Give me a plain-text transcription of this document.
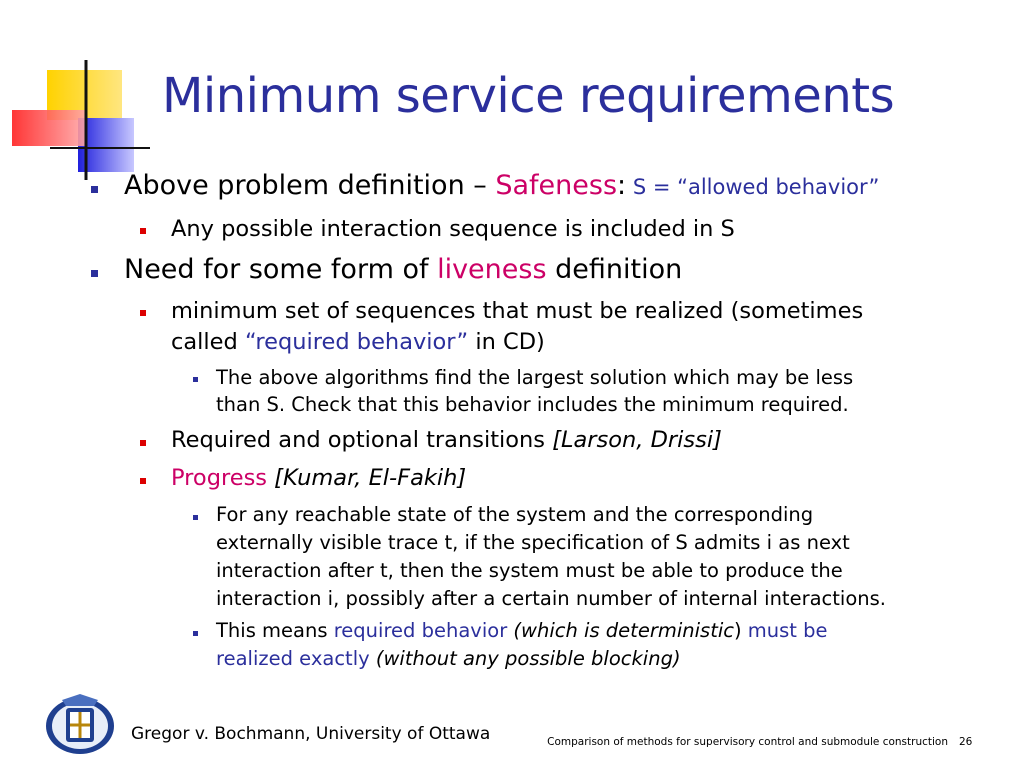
Minimum service requirements
Above problem definition – Safeness: S = “allowed behavior”
Any possible interaction sequence is included in S
Need for some form of liveness definition
minimum set of sequences that must be realized (sometimes
called “required behavior” in CD)
The above algorithms find the largest solution which may be less
than S. Check that this behavior includes the minimum required.
Required and optional transitions [Larson, Drissi]
Progress [Kumar, El-Fakih]
For any reachable state of the system and the corresponding
externally visible trace t, if the specification of S admits i as next
interaction after t, then the system must be able to produce the
interaction i, possibly after a certain number of internal interactions.
This means required behavior (which is deterministic) must be
realized exactly (without any possible blocking)
Gregor v. Bochmann, University of Ottawa	Comparison of methods for supervisory control and submodule construction 26
